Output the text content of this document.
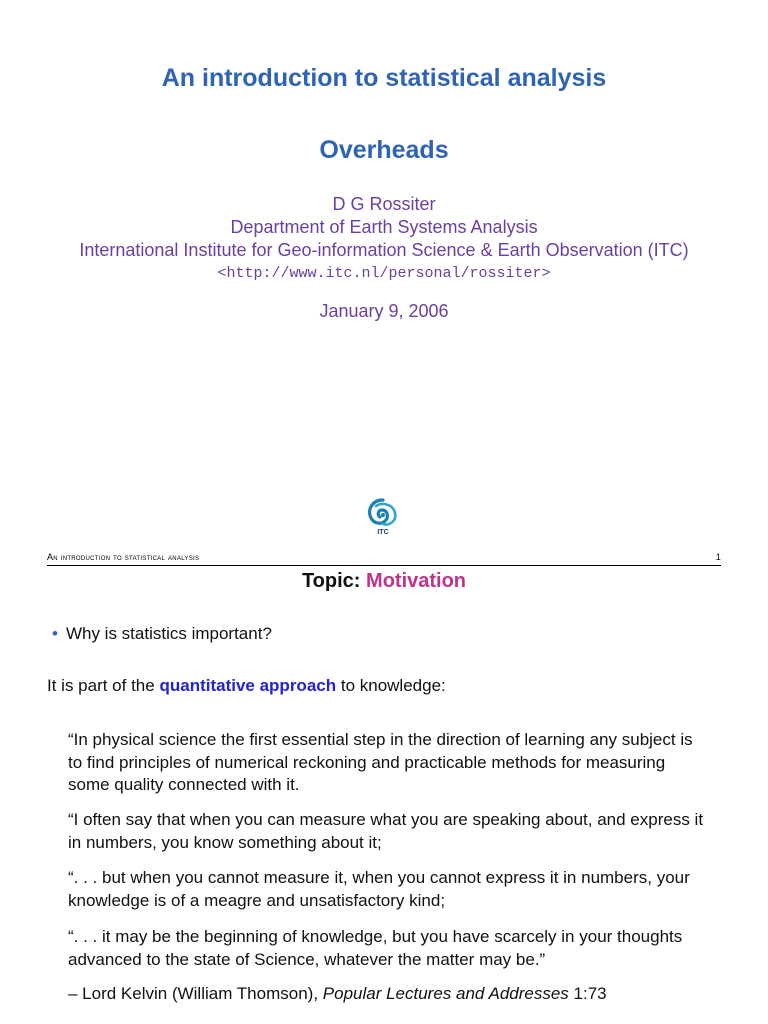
An introduction to statistical analysis
Overheads
D G Rossiter
Department of Earth Systems Analysis
International Institute for Geo-information Science & Earth Observation (ITC)
<http://www.itc.nl/personal/rossiter>
January 9, 2006
ITC
An introduction to statistical analysis	1
Topic: Motivation
• Why is statistics important?
It is part of the quantitative approach to knowledge:
“In physical science the first essential step in the direction of learning any subject is to find principles of numerical reckoning and practicable methods for measuring some quality connected with it.
“I often say that when you can measure what you are speaking about, and express it in numbers, you know something about it;
“. . . but when you cannot measure it, when you cannot express it in numbers, your knowledge is of a meagre and unsatisfactory kind;
“. . . it may be the beginning of knowledge, but you have scarcely in your thoughts advanced to the state of Science, whatever the matter may be.”
– Lord Kelvin (William Thomson), Popular Lectures and Addresses 1:73
